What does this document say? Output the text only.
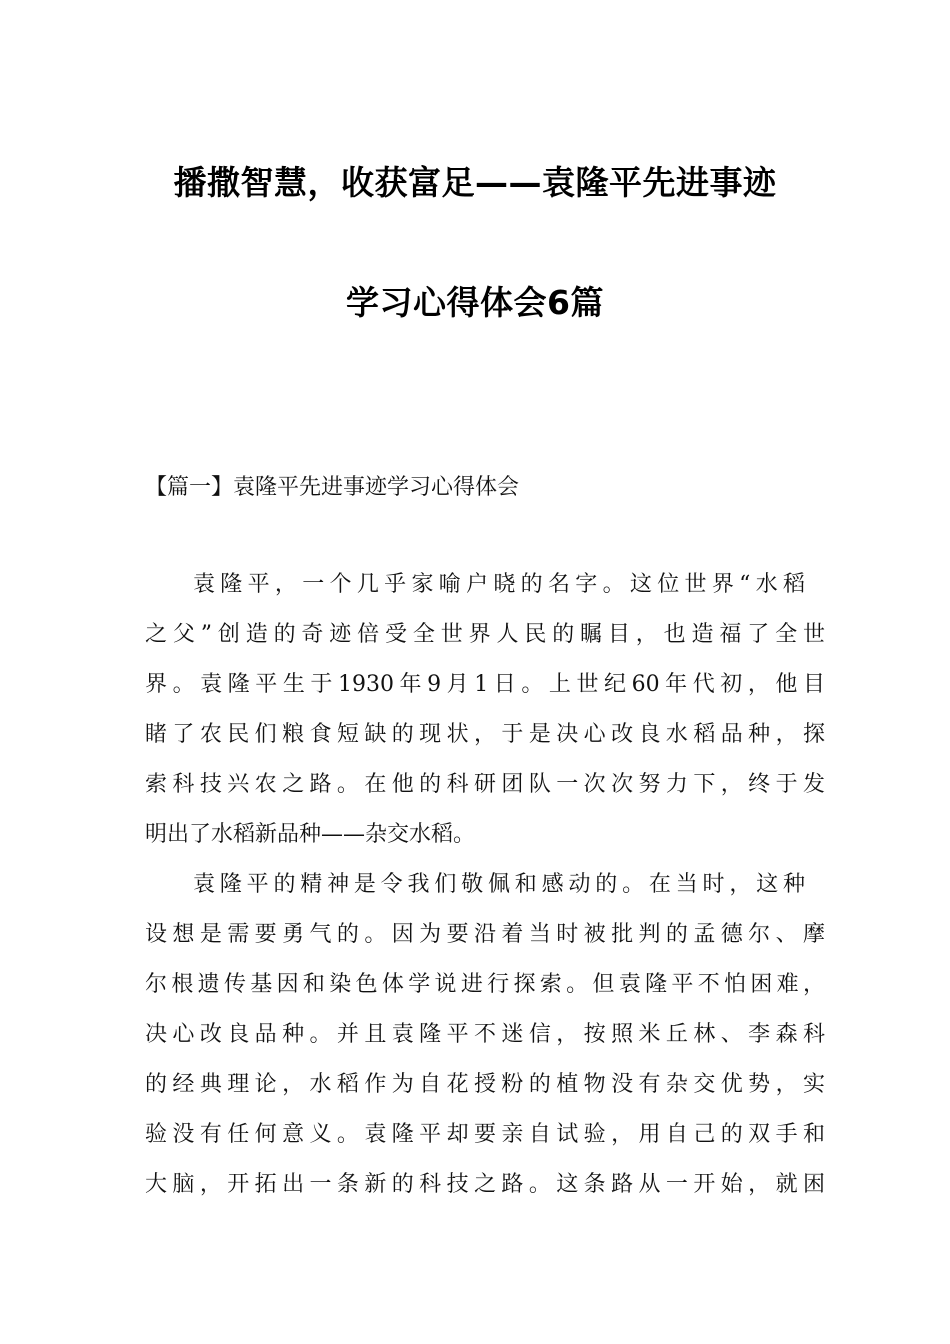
播撒智慧，收获富足——袁隆平先进事迹
学习心得体会6篇
【篇一】袁隆平先进事迹学习心得体会
袁隆平，一个几乎家喻户晓的名字。这位世界“水稻
之父”创造的奇迹倍受全世界人民的瞩目，也造福了全世
界。袁隆平生于1930年9月1日。上世纪60年代初，他目
睹了农民们粮食短缺的现状，于是决心改良水稻品种，探
索科技兴农之路。在他的科研团队一次次努力下，终于发
明出了水稻新品种——杂交水稻。
袁隆平的精神是令我们敬佩和感动的。在当时，这种
设想是需要勇气的。因为要沿着当时被批判的孟德尔、摩
尔根遗传基因和染色体学说进行探索。但袁隆平不怕困难，
决心改良品种。并且袁隆平不迷信，按照米丘林、李森科
的经典理论，水稻作为自花授粉的植物没有杂交优势，实
验没有任何意义。袁隆平却要亲自试验，用自己的双手和
大脑，开拓出一条新的科技之路。这条路从一开始，就困
